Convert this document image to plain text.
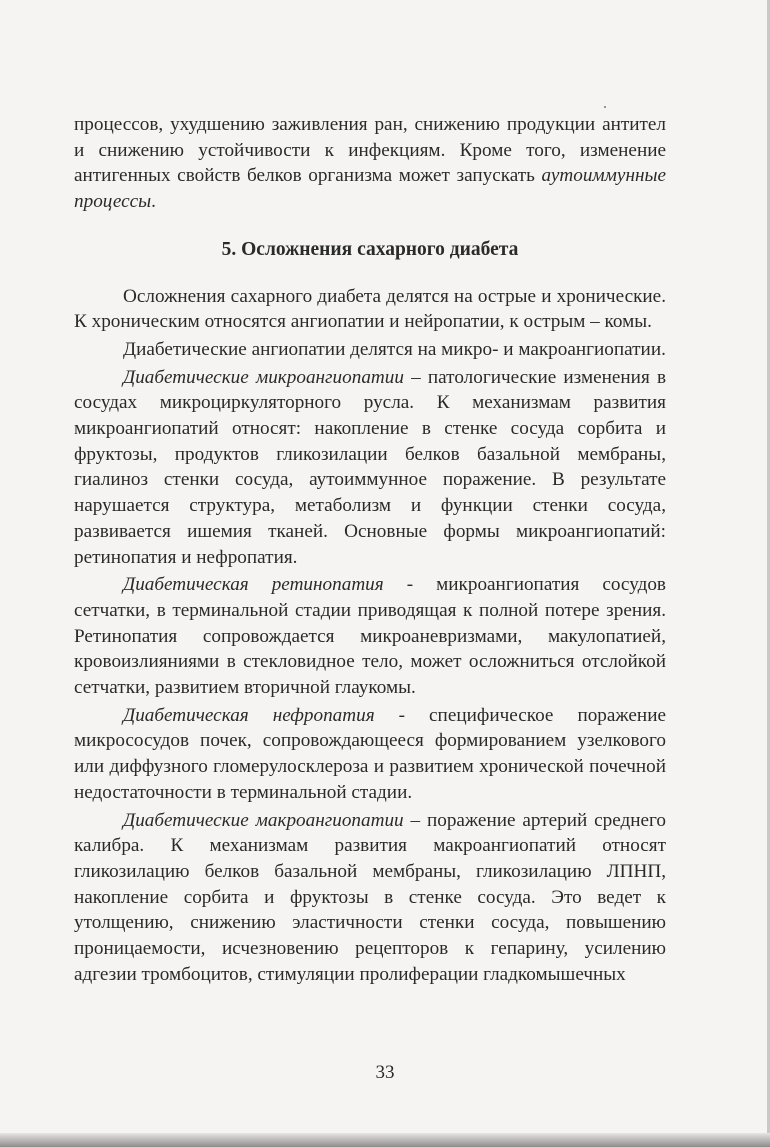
процессов, ухудшению заживления ран, снижению продукции антител и снижению устойчивости к инфекциям. Кроме того, изменение антигенных свойств белков организма может запускать аутоиммунные процессы.

5. Осложнения сахарного диабета

Осложнения сахарного диабета делятся на острые и хронические. К хроническим относятся ангиопатии и нейропатии, к острым – комы.

Диабетические ангиопатии делятся на микро- и макроангиопатии.

Диабетические микроангиопатии – патологические изменения в сосудах микроциркуляторного русла. К механизмам развития микроангиопатий относят: накопление в стенке сосуда сорбита и фруктозы, продуктов гликозилации белков базальной мембраны, гиалиноз стенки сосуда, аутоиммунное поражение. В результате нарушается структура, метаболизм и функции стенки сосуда, развивается ишемия тканей. Основные формы микроангиопатий: ретинопатия и нефропатия.

Диабетическая ретинопатия - микроангиопатия сосудов сетчатки, в терминальной стадии приводящая к полной потере зрения. Ретинопатия сопровождается микроаневризмами, макулопатией, кровоизлияниями в стекловидное тело, может осложниться отслойкой сетчатки, развитием вторичной глаукомы.

Диабетическая нефропатия - специфическое поражение микрососудов почек, сопровождающееся формированием узелкового или диффузного гломерулосклероза и развитием хронической почечной недостаточности в терминальной стадии.

Диабетические макроангиопатии – поражение артерий среднего калибра. К механизмам развития макроангиопатий относят гликозилацию белков базальной мембраны, гликозилацию ЛПНП, накопление сорбита и фруктозы в стенке сосуда. Это ведет к утолщению, снижению эластичности стенки сосуда, повышению проницаемости, исчезновению рецепторов к гепарину, усилению адгезии тромбоцитов, стимуляции пролиферации гладкомышечных

33
